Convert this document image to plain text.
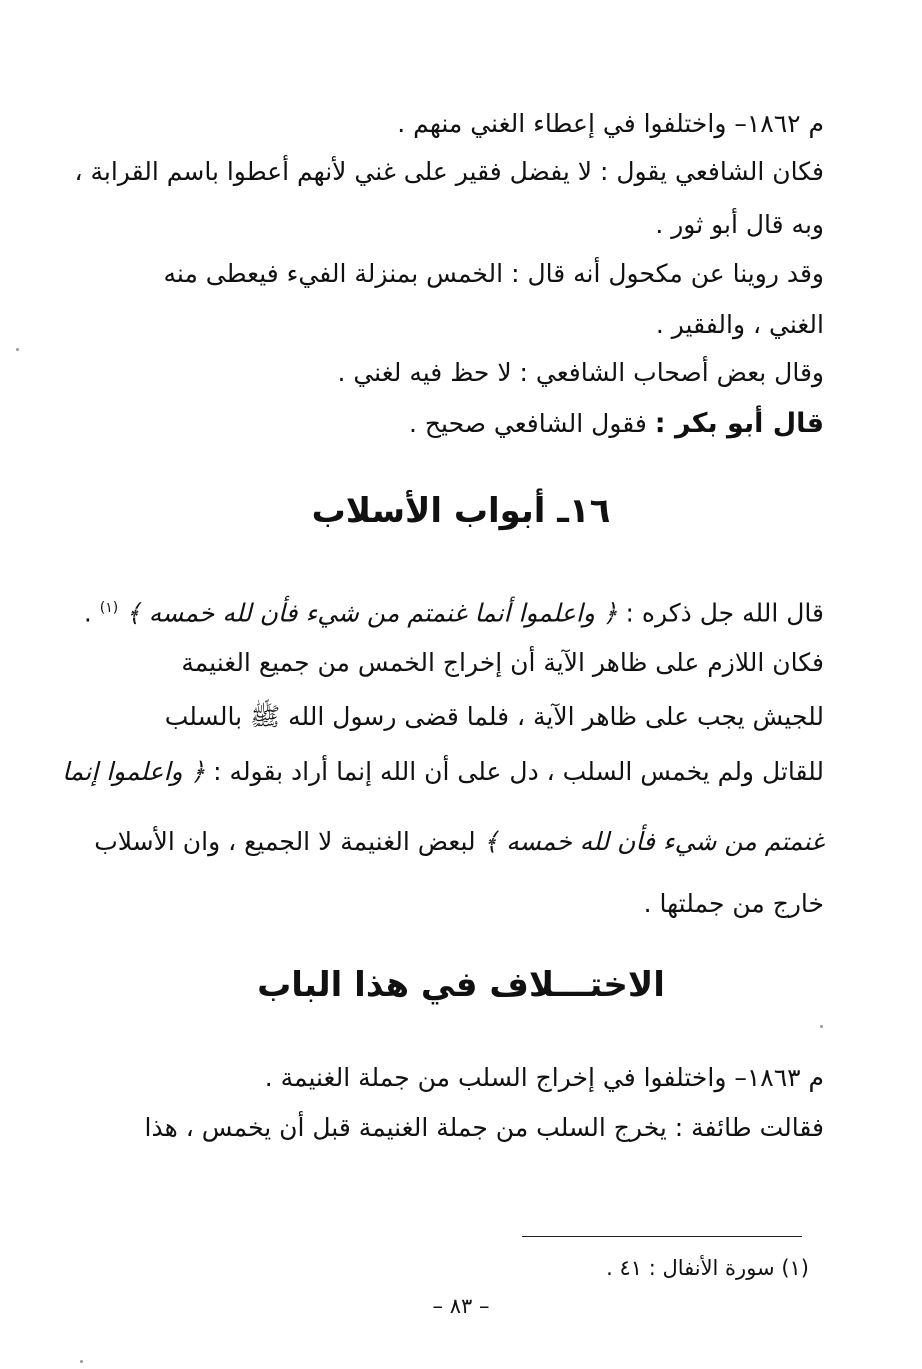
م ١٨٦٢– واختلفوا في إعطاء الغني منهم .
فكان الشافعي يقول : لا يفضل فقير على غني لأنهم أعطوا باسم القرابة ،
وبه قال أبو ثور .
وقد روينا عن مكحول أنه قال : الخمس بمنزلة الفيء فيعطى منه
الغني ، والفقير .
وقال بعض أصحاب الشافعي : لا حظ فيه لغني .
قال أبو بكر : فقول الشافعي صحيح .
١٦ـ أبواب الأسلاب
قال الله جل ذكره : ﴿ واعلموا أنما غنمتم من شيء فأن لله خمسه ﴾ $^{(١)}$ .
فكان اللازم على ظاهر الآية أن إخراج الخمس من جميع الغنيمة
للجيش يجب على ظاهر الآية ، فلما قضى رسول الله ﷺ بالسلب
للقاتل ولم يخمس السلب ، دل على أن الله إنما أراد بقوله : ﴿ واعلموا إنما
غنمتم من شيء فأن لله خمسه ﴾ لبعض الغنيمة لا الجميع ، وان الأسلاب
خارج من جملتها .
الاختـــلاف في هذا الباب
م ١٨٦٣– واختلفوا في إخراج السلب من جملة الغنيمة .
فقالت طائفة : يخرج السلب من جملة الغنيمة قبل أن يخمس ، هذا
(١) سورة الأنفال : ٤١ .
– ٨٣ –
